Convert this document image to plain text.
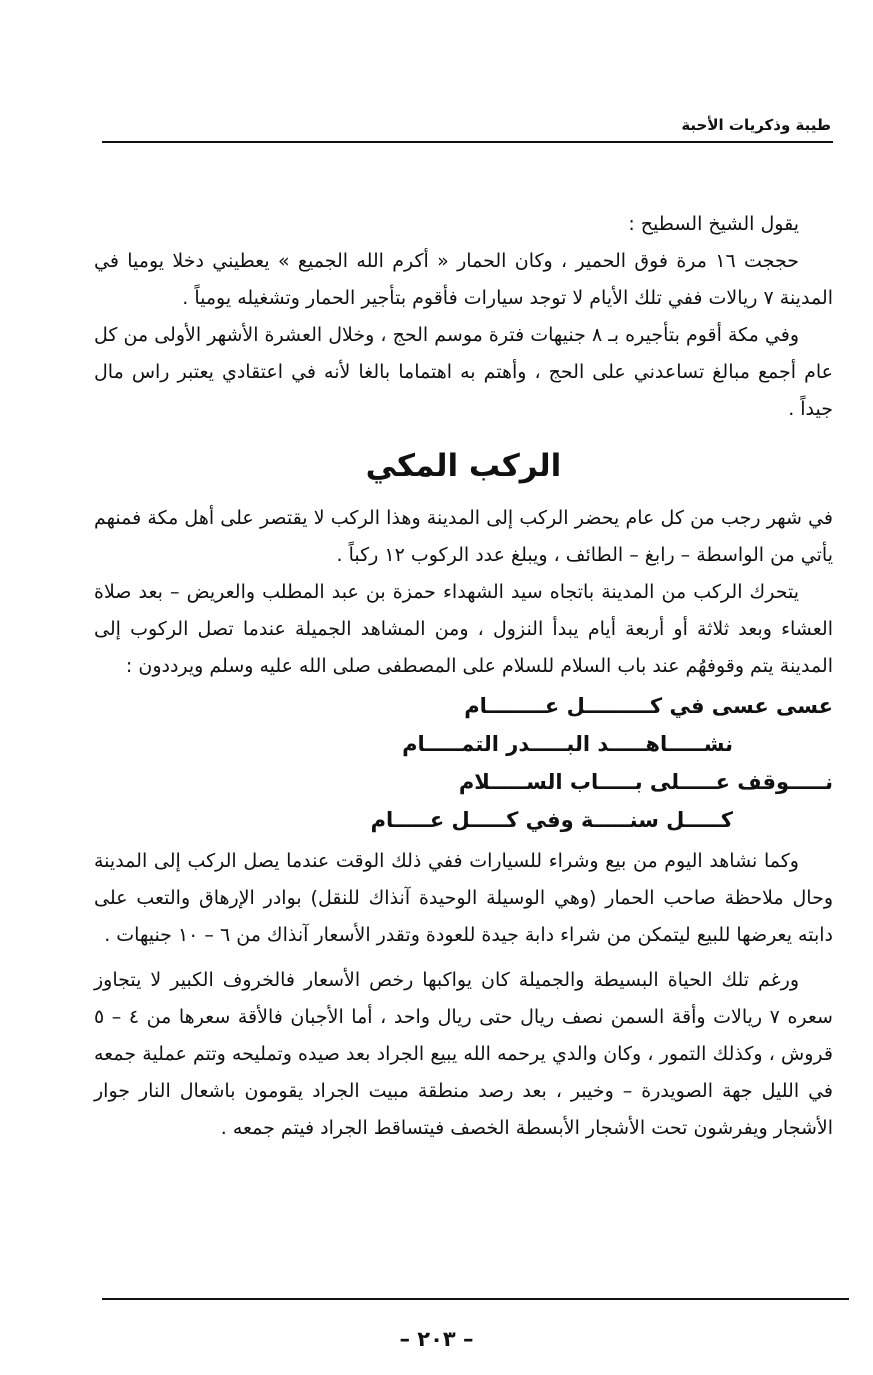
طيبة وذكريات الأحبة

يقول الشيخ السطيح :

حججت ١٦ مرة فوق الحمير ، وكان الحمار « أكرم الله الجميع » يعطيني دخلا يوميا في المدينة ٧ ريالات ففي تلك الأيام لا توجد سيارات فأقوم بتأجير الحمار وتشغيله يومياً .

وفي مكة أقوم بتأجيره بـ ٨ جنيهات فترة موسم الحج ، وخلال العشرة الأشهر الأولى من كل عام أجمع مبالغ تساعدني على الحج ، وأهتم به اهتماما بالغا لأنه في اعتقادي يعتبر راس مال جيداً .

الركب المكي

في شهر رجب من كل عام يحضر الركب إلى المدينة وهذا الركب لا يقتصر على أهل مكة فمنهم يأتي من الواسطة – رابغ – الطائف ، ويبلغ عدد الركوب ١٢ ركباً .

يتحرك الركب من المدينة باتجاه سيد الشهداء حمزة بن عبد المطلب والعريض – بعد صلاة العشاء وبعد ثلاثة أو أربعة أيام يبدأ النزول ، ومن المشاهد الجميلة عندما تصل الركوب إلى المدينة يتم وقوفهُم عند باب السلام للسلام على المصطفى صلى الله عليه وسلم ويرددون :

عسى عسى في كـــــــــل عــــــــام
نشـــــاهـــــد البـــــدر التمـــــام
نـــــوقف عـــــلى بـــــاب الســـــلام
كـــــل سنـــــة وفي كـــــل عـــــام

وكما نشاهد اليوم من بيع وشراء للسيارات ففي ذلك الوقت عندما يصل الركب إلى المدينة وحال ملاحظة صاحب الحمار (وهي الوسيلة الوحيدة آنذاك للنقل) بوادر الإرهاق والتعب على دابته يعرضها للبيع ليتمكن من شراء دابة جيدة للعودة وتقدر الأسعار آنذاك من ٦ – ١٠ جنيهات .

ورغم تلك الحياة البسيطة والجميلة كان يواكبها رخص الأسعار فالخروف الكبير لا يتجاوز سعره ٧ ريالات وأقة السمن نصف ريال حتى ريال واحد ، أما الأجبان فالأقة سعرها من ٤ – ٥ قروش ، وكذلك التمور ، وكان والدي يرحمه الله يبيع الجراد بعد صيده وتمليحه وتتم عملية جمعه في الليل جهة الصويدرة – وخيبر ، بعد رصد منطقة مبيت الجراد يقومون باشعال النار جوار الأشجار ويفرشون تحت الأشجار الأبسطة الخصف فيتساقط الجراد فيتم جمعه .

– ٢٠٣ –
